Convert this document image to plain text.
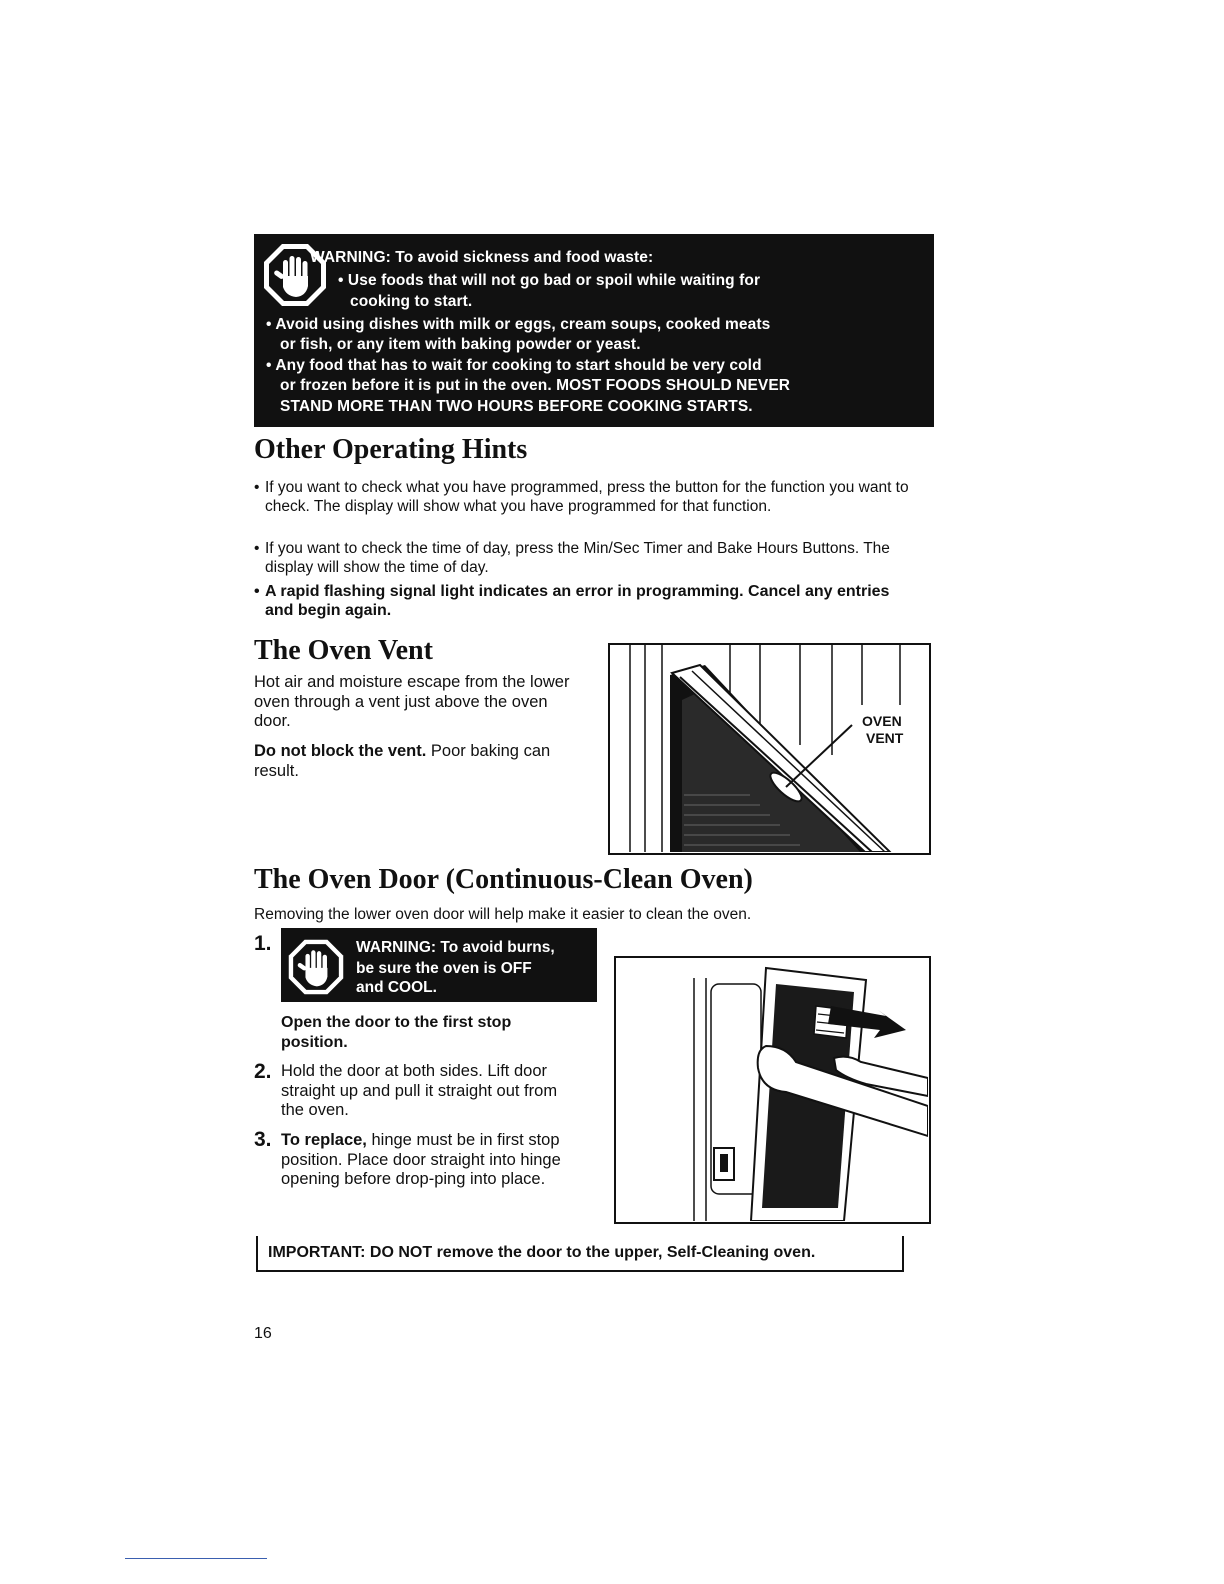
WARNING: To avoid sickness and food waste:
• Use foods that will not go bad or spoil while waiting for
cooking to start.
• Avoid using dishes with milk or eggs, cream soups, cooked meats
or fish, or any item with baking powder or yeast.
• Any food that has to wait for cooking to start should be very cold
or frozen before it is put in the oven. MOST FOODS SHOULD NEVER
STAND MORE THAN TWO HOURS BEFORE COOKING STARTS.
Other Operating Hints
• If you want to check what you have programmed, press the button for the function you want to check. The display will show what you have programmed for that function.
• If you want to check the time of day, press the Min/Sec Timer and Bake Hours Buttons. The display will show the time of day.
• A rapid flashing signal light indicates an error in programming. Cancel any entries and begin again.
The Oven Vent
Hot air and moisture escape from the lower oven through a vent just above the oven door.
Do not block the vent. Poor baking can result.
OVEN
VENT
The Oven Door (Continuous-Clean Oven)
Removing the lower oven door will help make it easier to clean the oven.
1.	WARNING: To avoid burns,
be sure the oven is OFF
and COOL.
Open the door to the first stop position.
2. Hold the door at both sides. Lift door straight up and pull it straight out from the oven.
3. To replace, hinge must be in first stop position. Place door straight into hinge opening before drop-ping into place.
IMPORTANT: DO NOT remove the door to the upper, Self-Cleaning oven.
16
